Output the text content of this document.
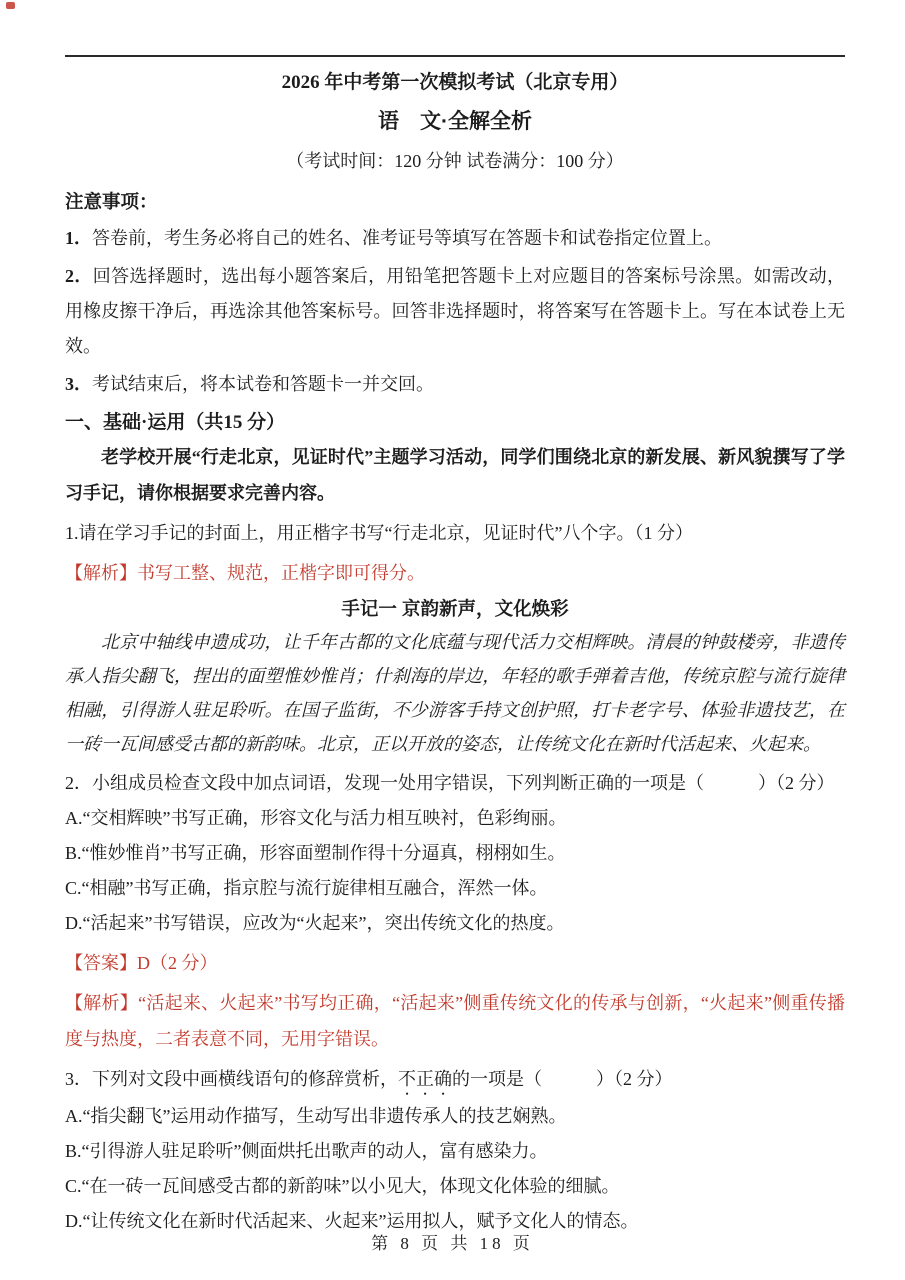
2026 年中考第一次模拟考试（北京专用）
语　文·全解全析
（考试时间：120 分钟 试卷满分：100 分）
注意事项：

1．答卷前，考生务必将自己的姓名、准考证号等填写在答题卡和试卷指定位置上。

2．回答选择题时，选出每小题答案后，用铅笔把答题卡上对应题目的答案标号涂黑。如需改动，用橡皮擦干净后，再选涂其他答案标号。回答非选择题时，将答案写在答题卡上。写在本试卷上无效。

3．考试结束后，将本试卷和答题卡一并交回。

一、基础·运用（共15 分）

老学校开展“行走北京，见证时代”主题学习活动，同学们围绕北京的新发展、新风貌撰写了学习手记，请你根据要求完善内容。

1.请在学习手记的封面上，用正楷字书写“行走北京，见证时代”八个字。（1 分）

【解析】书写工整、规范，正楷字即可得分。

手记一 京韵新声，文化焕彩

北京中轴线申遗成功，让千年古都的文化底蕴与现代活力交相辉映。清晨的钟鼓楼旁，非遗传承人指尖翻飞，捏出的面塑惟妙惟肖；什刹海的岸边，年轻的歌手弹着吉他，传统京腔与流行旋律相融，引得游人驻足聆听。在国子监街，不少游客手持文创护照，打卡老字号、体验非遗技艺，在一砖一瓦间感受古都的新韵味。北京，正以开放的姿态，让传统文化在新时代活起来、火起来。

2．小组成员检查文段中加点词语，发现一处用字错误，下列判断正确的一项是（　　　）（2 分）

A.“交相辉映”书写正确，形容文化与活力相互映衬，色彩绚丽。

B.“惟妙惟肖”书写正确，形容面塑制作得十分逼真，栩栩如生。

C.“相融”书写正确，指京腔与流行旋律相互融合，浑然一体。

D.“活起来”书写错误，应改为“火起来”，突出传统文化的热度。

【答案】D（2 分）

【解析】“活起来、火起来”书写均正确，“活起来”侧重传统文化的传承与创新，“火起来”侧重传播度与热度，二者表意不同，无用字错误。

3．下列对文段中画横线语句的修辞赏析，不正确的一项是（　　　）（2 分）

A.“指尖翻飞”运用动作描写，生动写出非遗传承人的技艺娴熟。

B.“引得游人驻足聆听”侧面烘托出歌声的动人，富有感染力。

C.“在一砖一瓦间感受古都的新韵味”以小见大，体现文化体验的细腻。

D.“让传统文化在新时代活起来、火起来”运用拟人，赋予文化人的情态。

第 8 页 共 18 页
